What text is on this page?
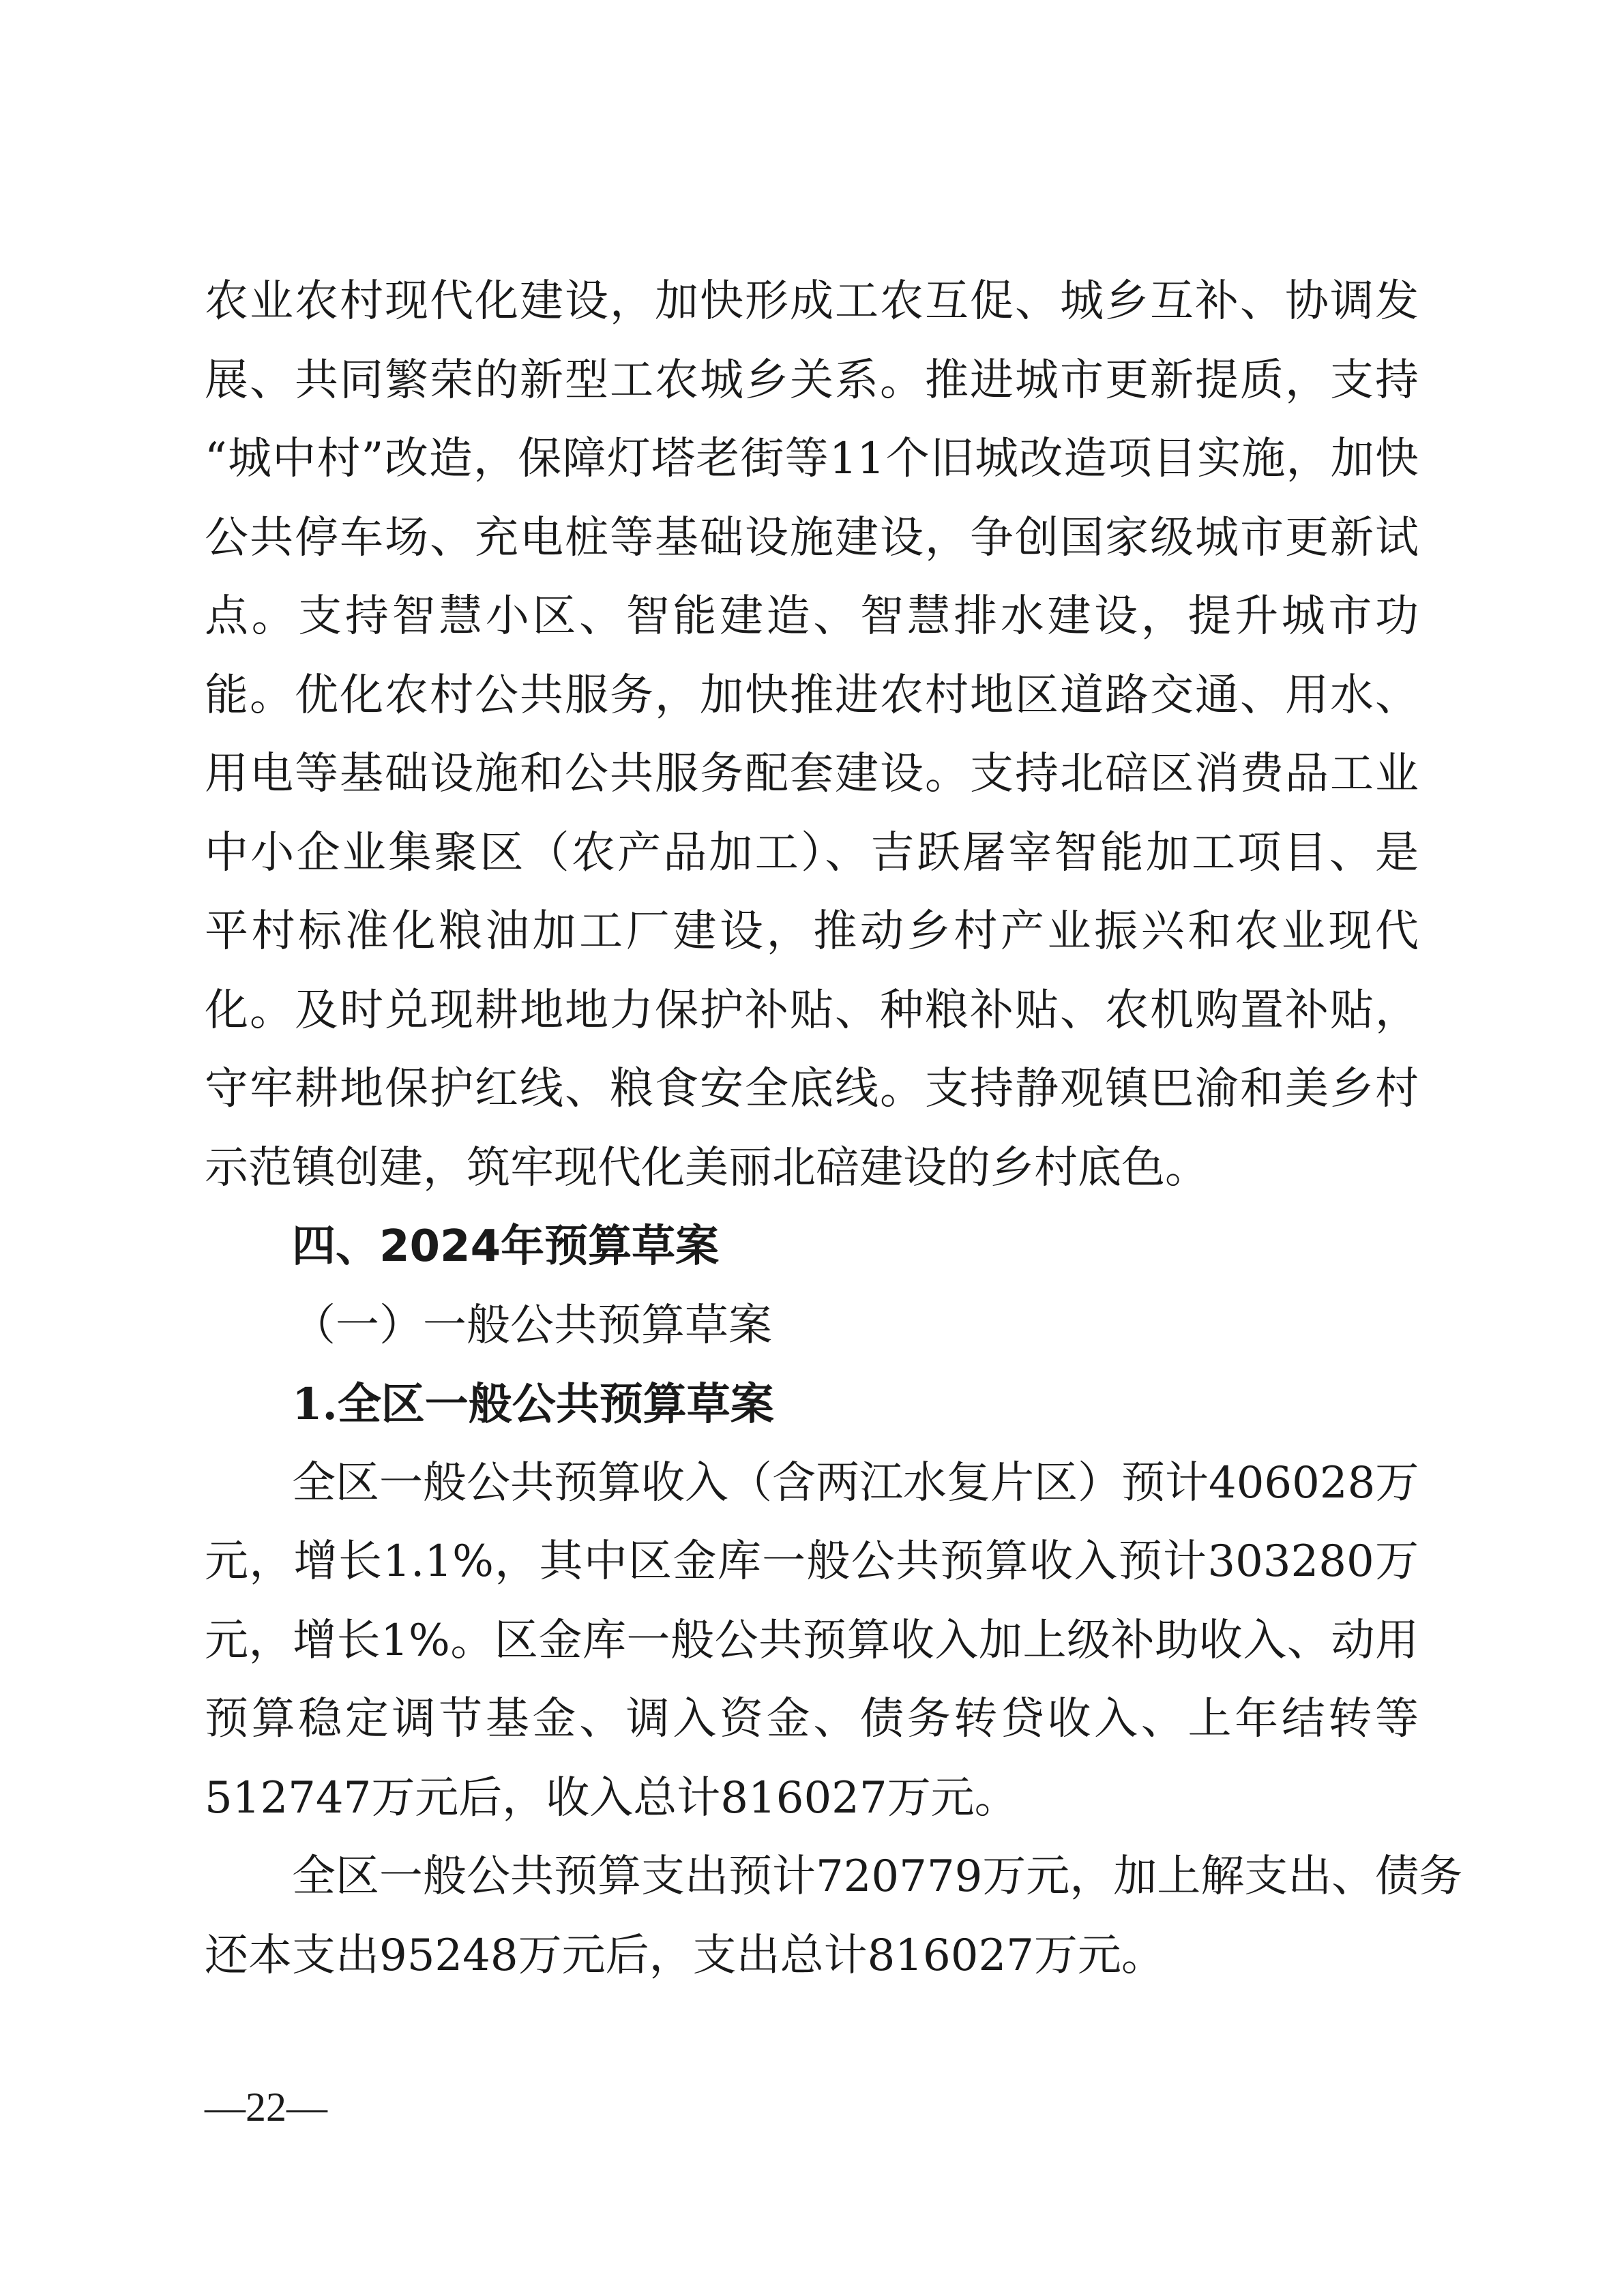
农业农村现代化建设，加快形成工农互促、城乡互补、协调发
展、共同繁荣的新型工农城乡关系。推进城市更新提质，支持
“城中村”改造，保障灯塔老街等11个旧城改造项目实施，加快
公共停车场、充电桩等基础设施建设，争创国家级城市更新试
点。支持智慧小区、智能建造、智慧排水建设，提升城市功
能。优化农村公共服务，加快推进农村地区道路交通、用水、
用电等基础设施和公共服务配套建设。支持北碚区消费品工业
中小企业集聚区（农产品加工）、吉跃屠宰智能加工项目、是
平村标准化粮油加工厂建设，推动乡村产业振兴和农业现代
化。及时兑现耕地地力保护补贴、种粮补贴、农机购置补贴，
守牢耕地保护红线、粮食安全底线。支持静观镇巴渝和美乡村
示范镇创建，筑牢现代化美丽北碚建设的乡村底色。
四、2024年预算草案
（一）一般公共预算草案
1.全区一般公共预算草案
全区一般公共预算收入（含两江水复片区）预计406028万
元，增长1.1%，其中区金库一般公共预算收入预计303280万
元，增长1%。区金库一般公共预算收入加上级补助收入、动用
预算稳定调节基金、调入资金、债务转贷收入、上年结转等
512747万元后，收入总计816027万元。
全区一般公共预算支出预计720779万元，加上解支出、债务
还本支出95248万元后，支出总计816027万元。
—22—
